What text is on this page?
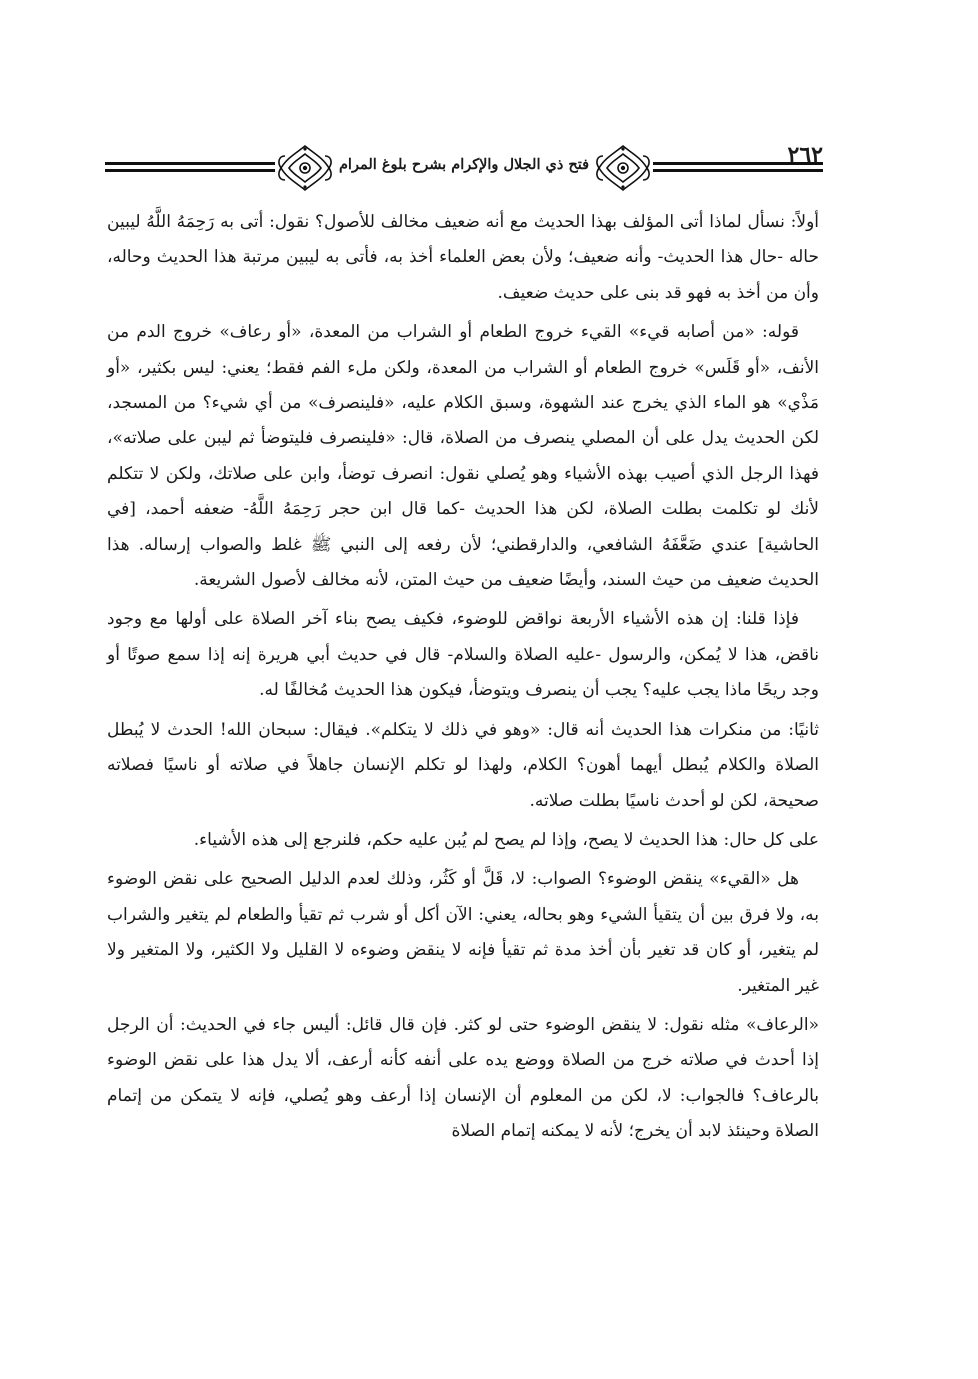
فتح ذي الجلال والإكرام بشرح بلوغ المرام	٢٦٢

أولاً: نسأل لماذا أتى المؤلف بهذا الحديث مع أنه ضعيف مخالف للأصول؟ نقول: أتى به رَحِمَهُ اللَّهُ ليبين حاله -حال هذا الحديث- وأنه ضعيف؛ ولأن بعض العلماء أخذ به، فأتى به ليبين مرتبة هذا الحديث وحاله، وأن من أخذ به فهو قد بنى على حديث ضعيف.

قوله: «من أصابه قيء» القيء خروج الطعام أو الشراب من المعدة، «أو رعاف» خروج الدم من الأنف، «أو قَلَس» خروج الطعام أو الشراب من المعدة، ولكن ملء الفم فقط؛ يعني: ليس بكثير، «أو مَذْي» هو الماء الذي يخرج عند الشهوة، وسبق الكلام عليه، «فلينصرف» من أي شيء؟ من المسجد، لكن الحديث يدل على أن المصلي ينصرف من الصلاة، قال: «فلينصرف فليتوضأ ثم ليبن على صلاته»، فهذا الرجل الذي أصيب بهذه الأشياء وهو يُصلي نقول: انصرف توضأ، وابن على صلاتك، ولكن لا تتكلم لأنك لو تكلمت بطلت الصلاة، لكن هذا الحديث -كما قال ابن حجر رَحِمَهُ اللَّهُ- ضعفه أحمد، [في الحاشية] عندي ضَعَّفَهُ الشافعي، والدارقطني؛ لأن رفعه إلى النبي ﷺ غلط والصواب إرساله. هذا الحديث ضعيف من حيث السند، وأيضًا ضعيف من حيث المتن، لأنه مخالف لأصول الشريعة.

فإذا قلنا: إن هذه الأشياء الأربعة نواقض للوضوء، فكيف يصح بناء آخر الصلاة على أولها مع وجود ناقض، هذا لا يُمكن، والرسول -عليه الصلاة والسلام- قال في حديث أبي هريرة إنه إذا سمع صوتًا أو وجد ريحًا ماذا يجب عليه؟ يجب أن ينصرف ويتوضأ، فيكون هذا الحديث مُخالفًا له.

ثانيًا: من منكرات هذا الحديث أنه قال: «وهو في ذلك لا يتكلم». فيقال: سبحان الله! الحدث لا يُبطل الصلاة والكلام يُبطل أيهما أهون؟ الكلام، ولهذا لو تكلم الإنسان جاهلاً في صلاته أو ناسيًا فصلاته صحيحة، لكن لو أحدث ناسيًا بطلت صلاته.

على كل حال: هذا الحديث لا يصح، وإذا لم يصح لم يُبن عليه حكم، فلنرجع إلى هذه الأشياء.

هل «القيء» ينقض الوضوء؟ الصواب: لا، قَلَّ أو كَثُر، وذلك لعدم الدليل الصحيح على نقض الوضوء به، ولا فرق بين أن يتقيأ الشيء وهو بحاله، يعني: الآن أكل أو شرب ثم تقيأ والطعام لم يتغير والشراب لم يتغير، أو كان قد تغير بأن أخذ مدة ثم تقيأ فإنه لا ينقض وضوءه لا القليل ولا الكثير، ولا المتغير ولا غير المتغير.

«الرعاف» مثله نقول: لا ينقض الوضوء حتى لو كثر. فإن قال قائل: أليس جاء في الحديث: أن الرجل إذا أحدث في صلاته خرج من الصلاة ووضع يده على أنفه كأنه أرعف، ألا يدل هذا على نقض الوضوء بالرعاف؟ فالجواب: لا، لكن من المعلوم أن الإنسان إذا أرعف وهو يُصلي، فإنه لا يتمكن من إتمام الصلاة وحينئذ لابد أن يخرج؛ لأنه لا يمكنه إتمام الصلاة
